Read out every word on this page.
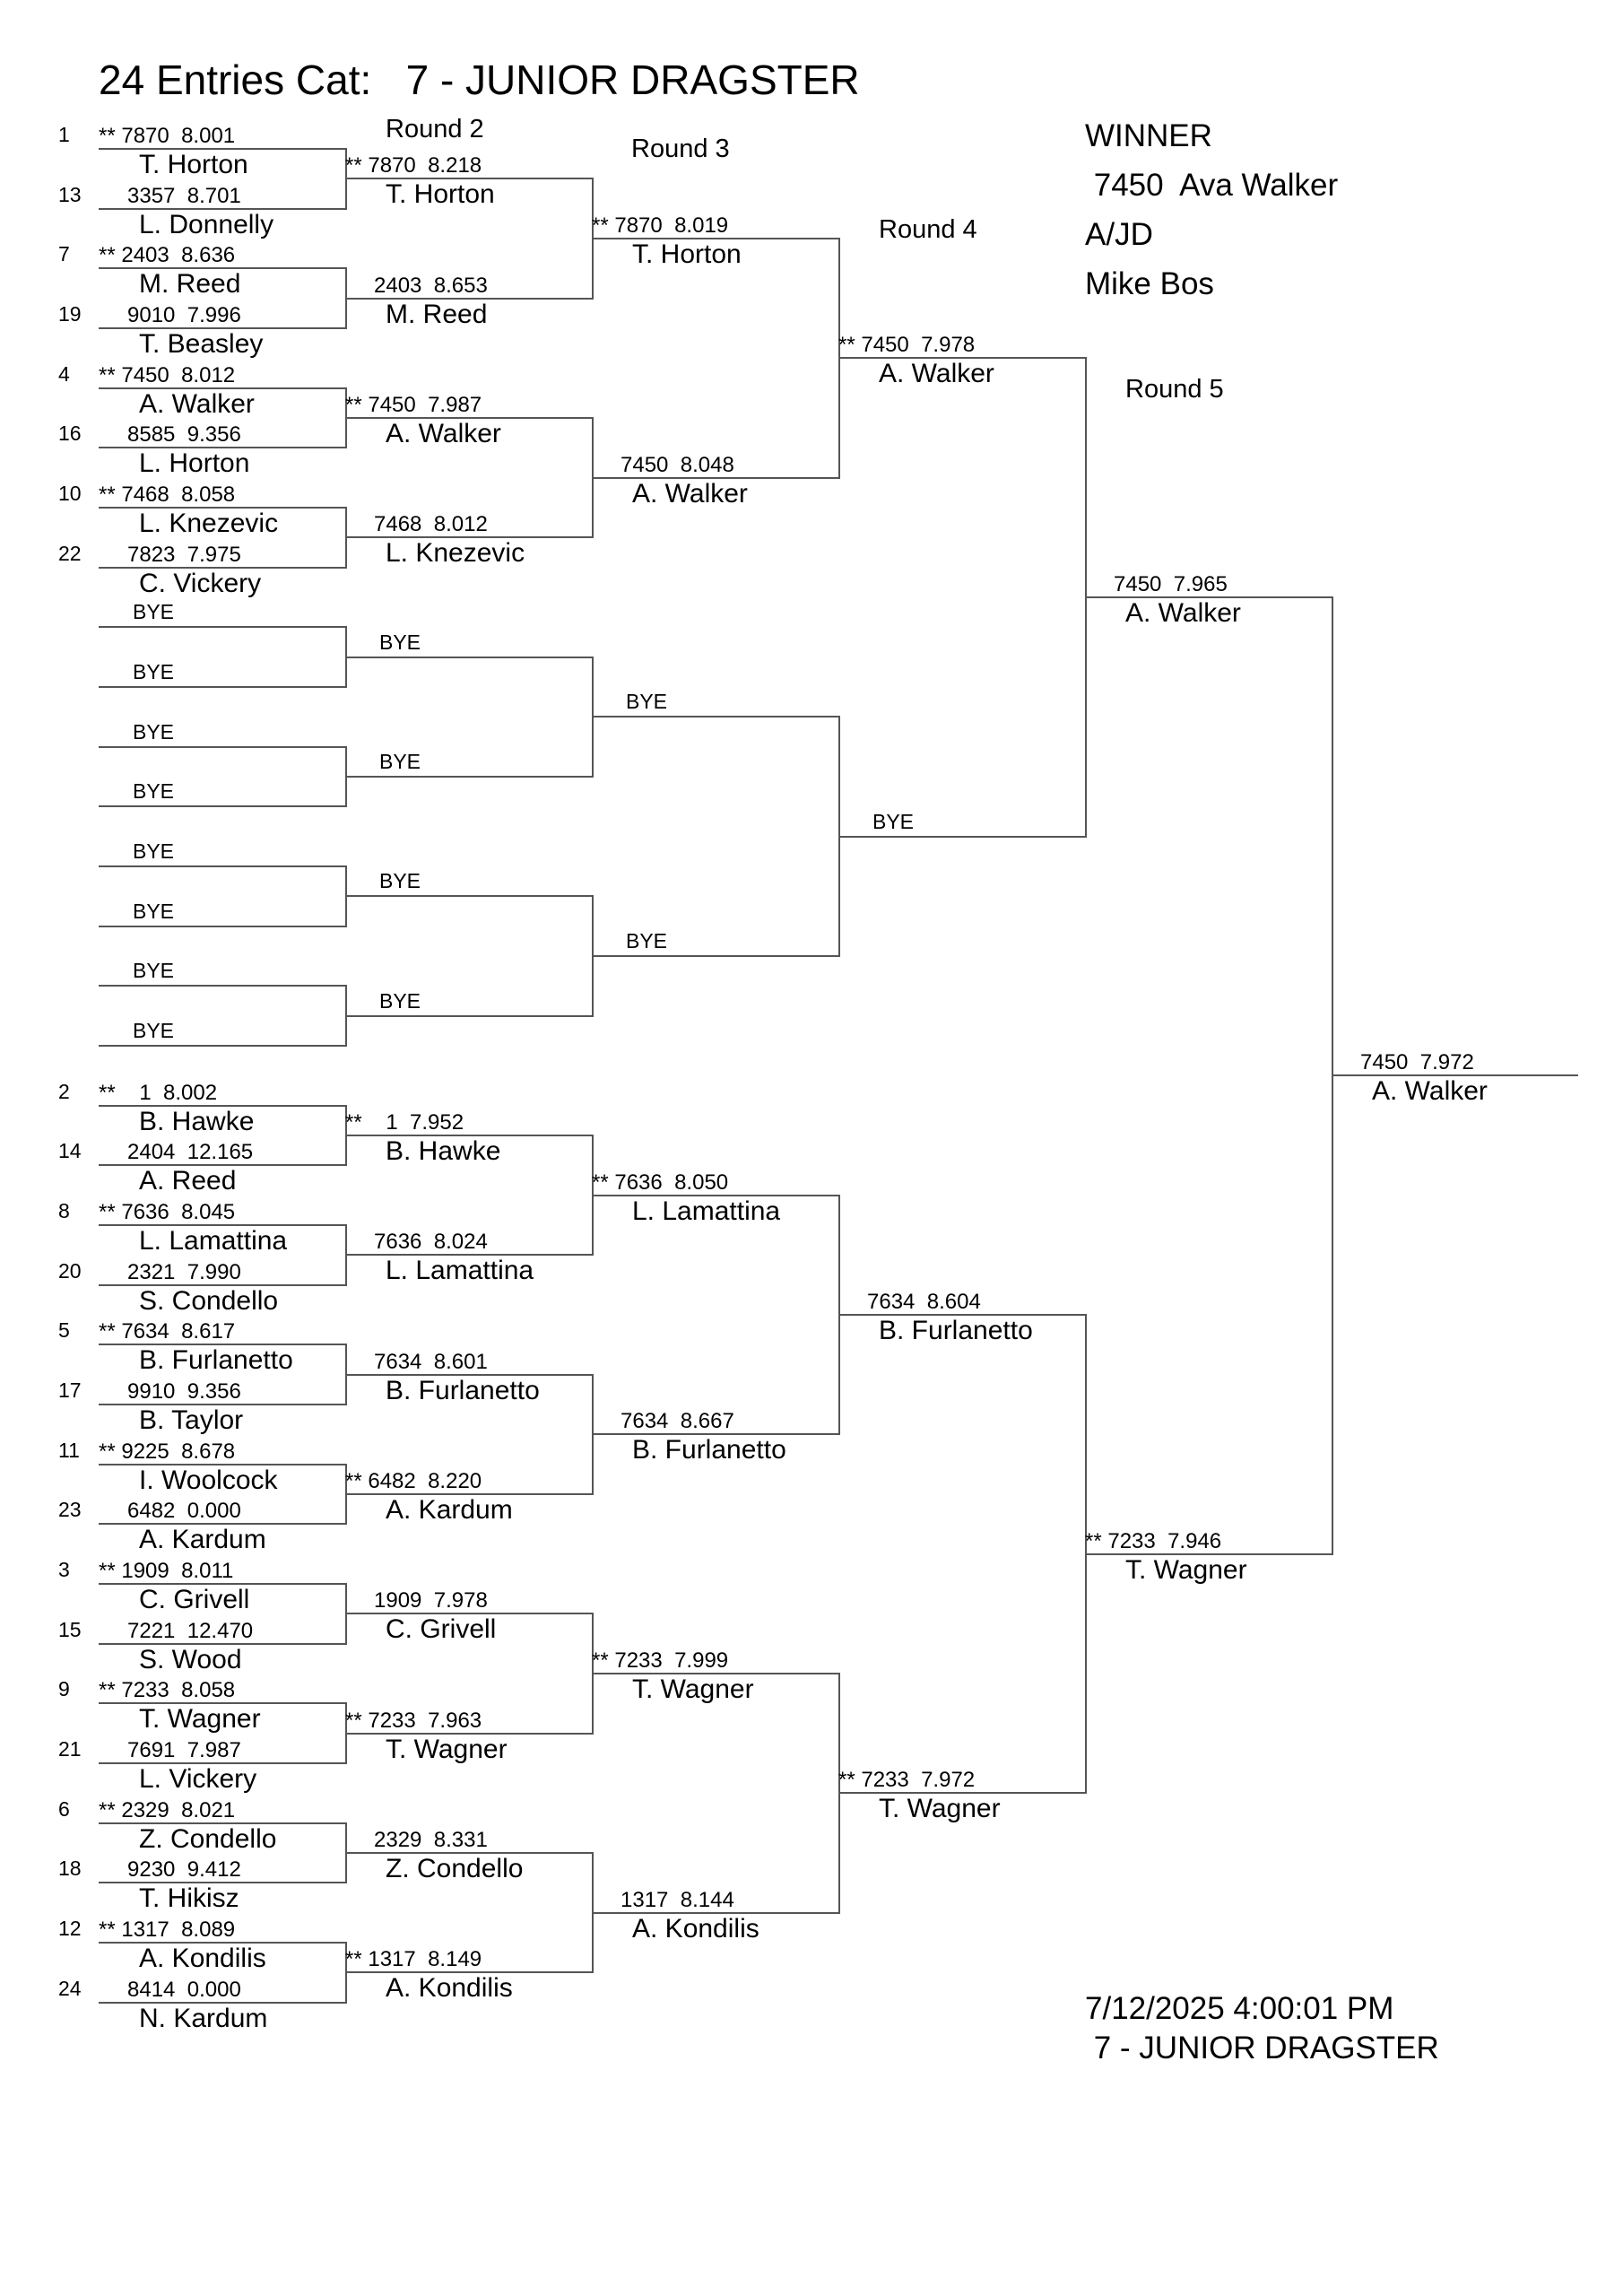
24 Entries Cat:   7 - JUNIOR DRAGSTER
Round 2
Round 3
Round 4
Round 5
WINNER
7450  Ava Walker
A/JD
Mike Bos
1 ** 7870  8.001
T. Horton
13 3357  8.701
L. Donnelly
7 ** 2403  8.636
M. Reed
19 9010  7.996
T. Beasley
4 ** 7450  8.012
A. Walker
16 8585  9.356
L. Horton
10 ** 7468  8.058
L. Knezevic
22 7823  7.975
C. Vickery
BYE
BYE
BYE
BYE
BYE
BYE
BYE
BYE
2 **    1  8.002
B. Hawke
14 2404  12.165
A. Reed
8 ** 7636  8.045
L. Lamattina
20 2321  7.990
S. Condello
5 ** 7634  8.617
B. Furlanetto
17 9910  9.356
B. Taylor
11 ** 9225  8.678
I. Woolcock
23 6482  0.000
A. Kardum
3 ** 1909  8.011
C. Grivell
15 7221  12.470
S. Wood
9 ** 7233  8.058
T. Wagner
21 7691  7.987
L. Vickery
6 ** 2329  8.021
Z. Condello
18 9230  9.412
T. Hikisz
12 ** 1317  8.089
A. Kondilis
24 8414  0.000
N. Kardum
** 7870  8.218
T. Horton
2403  8.653
M. Reed
** 7450  7.987
A. Walker
7468  8.012
L. Knezevic
BYE
BYE
BYE
BYE
**    1  7.952
B. Hawke
7636  8.024
L. Lamattina
7634  8.601
B. Furlanetto
** 6482  8.220
A. Kardum
1909  7.978
C. Grivell
** 7233  7.963
T. Wagner
2329  8.331
Z. Condello
** 1317  8.149
A. Kondilis
** 7870  8.019
T. Horton
7450  8.048
A. Walker
BYE
BYE
** 7636  8.050
L. Lamattina
7634  8.667
B. Furlanetto
** 7233  7.999
T. Wagner
1317  8.144
A. Kondilis
** 7450  7.978
A. Walker
BYE
7634  8.604
B. Furlanetto
** 7233  7.972
T. Wagner
7450  7.965
A. Walker
** 7233  7.946
T. Wagner
7450  7.972
A. Walker
7/12/2025 4:00:01 PM
7 - JUNIOR DRAGSTER
